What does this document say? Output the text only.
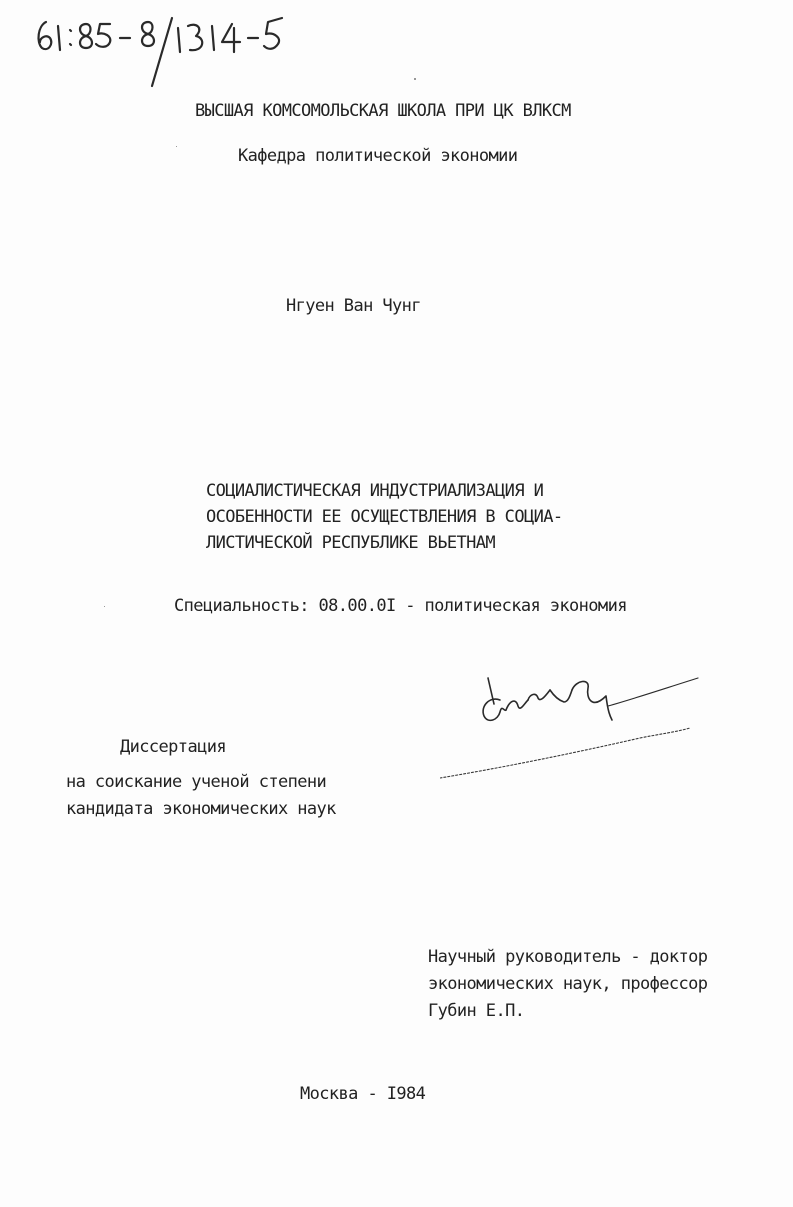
ВЫСШАЯ КОМСОМОЛЬСКАЯ ШКОЛА ПРИ ЦК ВЛКСМ
Кафедра политической экономии
Нгуен Ван Чунг
СОЦИАЛИСТИЧЕСКАЯ ИНДУСТРИАЛИЗАЦИЯ И
ОСОБЕННОСТИ ЕЕ ОСУЩЕСТВЛЕНИЯ В СОЦИА-
ЛИСТИЧЕСКОЙ РЕСПУБЛИКЕ ВЬЕТНАМ
Специальность: 08.00.0I - политическая экономия
Диссертация
на соискание ученой степени
кандидата экономических наук
Научный руководитель - доктор
экономических наук, профессор
Губин Е.П.
Москва - I984
